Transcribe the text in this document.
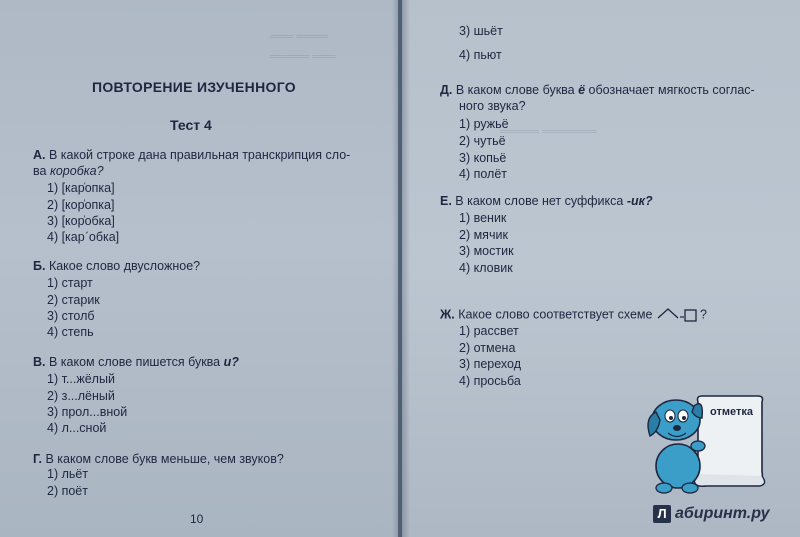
═══ ════
═════ ═══
═════ ═══════
ПОВТОРЕНИЕ ИЗУЧЕННОГО
Тест 4
А. В какой строке дана правильная транскрипция сло-
ва коробка?
1) [кар̍опка]
2) [кор̍опка]
3) [кор̍обка]
4) [карˊобка]
Б. Какое слово двусложное?
1) старт
2) старик
3) столб
4) степь
В. В каком слове пишется буква и?
1) т...жёлый
2) з...лёный
3) прол...вной
4) л...сной
Г. В каком слове букв меньше, чем звуков?
1) льёт
2) поёт
10
3) шьёт
4) пьют
Д. В каком слове буква ё обозначает мягкость соглас-
ного звука?
1) ружьё
2) чутьё
3) копьё
4) полёт
Е. В каком слове нет суффикса -ик?
1) веник
2) мячик
3) мостик
4) кловик
Ж. Какое слово соответствует схеме	?
1) рассвет
2) отмена
3) переход
4) просьба
отметка
Л абиринт.ру
